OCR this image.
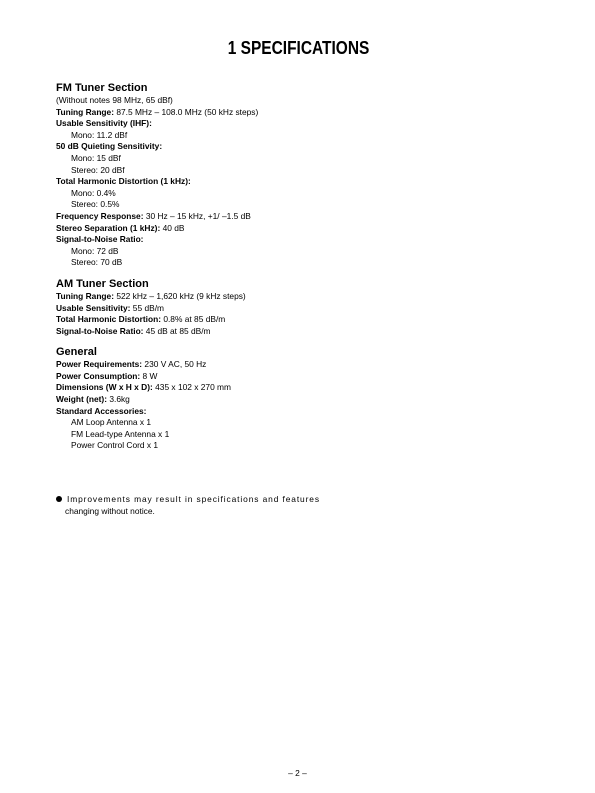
1 SPECIFICATIONS
FM Tuner Section
(Without notes 98 MHz, 65 dBf)
Tuning Range: 87.5 MHz – 108.0 MHz (50 kHz steps)
Usable Sensitivity (IHF):
Mono: 11.2 dBf
50 dB Quieting Sensitivity:
Mono: 15 dBf
Stereo: 20 dBf
Total Harmonic Distortion (1 kHz):
Mono: 0.4%
Stereo: 0.5%
Frequency Response: 30 Hz – 15 kHz, +1/ –1.5 dB
Stereo Separation (1 kHz): 40 dB
Signal-to-Noise Ratio:
Mono: 72 dB
Stereo: 70 dB
AM Tuner Section
Tuning Range: 522 kHz – 1,620 kHz (9 kHz steps)
Usable Sensitivity: 55 dB/m
Total Harmonic Distortion: 0.8% at 85 dB/m
Signal-to-Noise Ratio: 45 dB at 85 dB/m
General
Power Requirements: 230 V AC, 50 Hz
Power Consumption: 8 W
Dimensions (W x H x D): 435 x 102 x 270 mm
Weight (net): 3.6kg
Standard Accessories:
AM Loop Antenna x 1
FM Lead-type Antenna x 1
Power Control Cord x 1
Improvements may result in specifications and features
changing without notice.
– 2 –
